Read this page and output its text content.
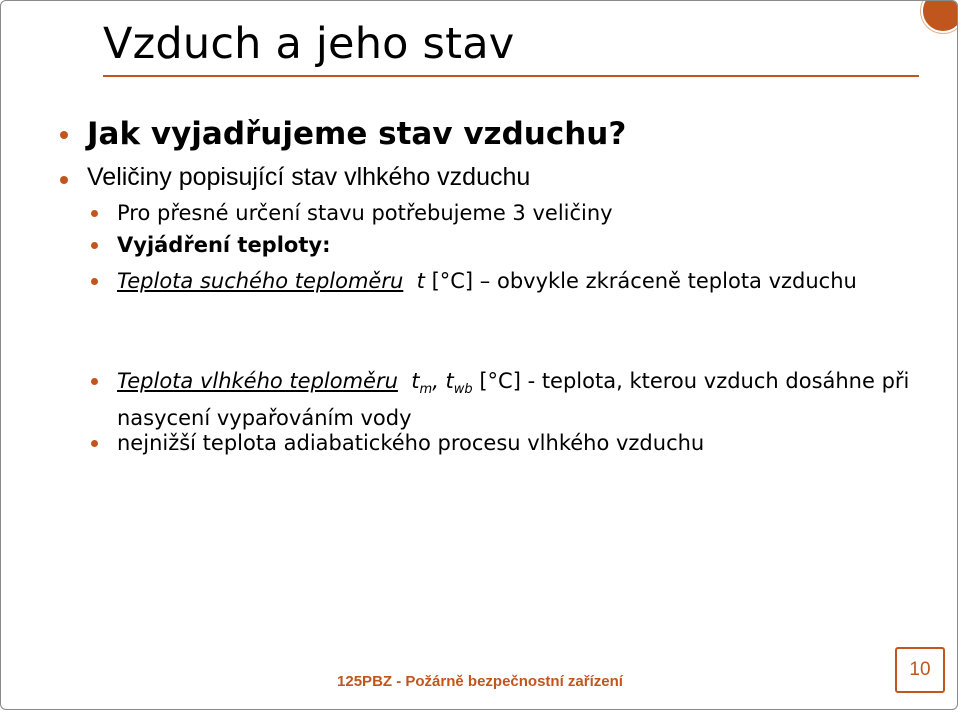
Vzduch a jeho stav
Jak vyjadřujeme stav vzduchu?
Veličiny popisující stav vlhkého vzduchu
Pro přesné určení stavu potřebujeme 3 veličiny
Vyjádření teploty:
Teplota suchého teploměru t [°C] – obvykle zkráceně teplota vzduchu
Teplota vlhkého teploměru $t_m$, $t_{wb}$ [°C] - teplota, kterou vzduch dosáhne při nasycení vypařováním vody
nejnižší teplota adiabatického procesu vlhkého vzduchu
125PBZ - Požárně bezpečnostní zařízení
10
